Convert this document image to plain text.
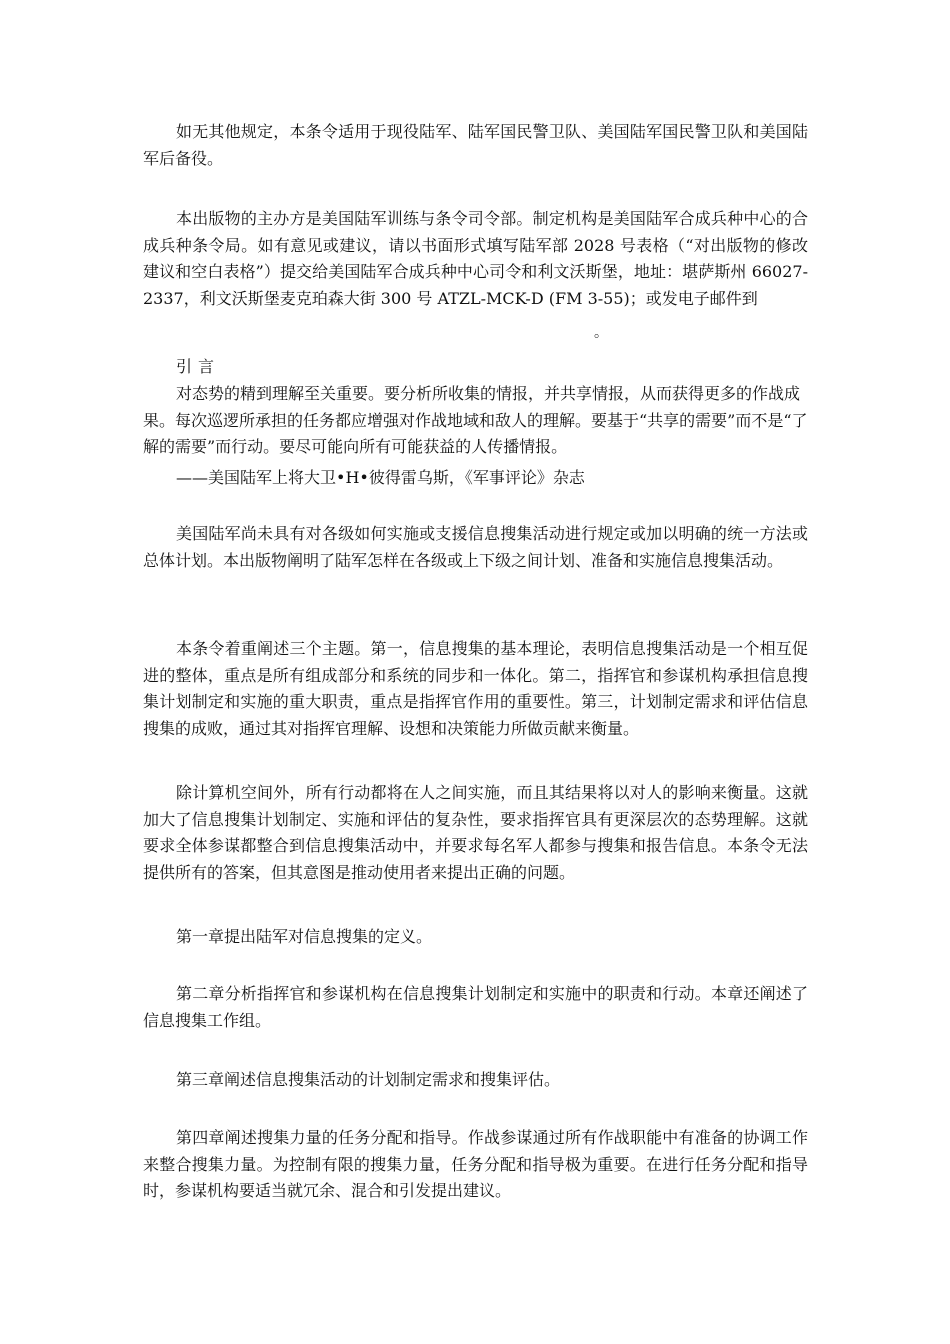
如无其他规定，本条令适用于现役陆军、陆军国民警卫队、美国陆军国民警卫队和美国陆军后备役。

本出版物的主办方是美国陆军训练与条令司令部。制定机构是美国陆军合成兵种中心的合成兵种条令局。如有意见或建议，请以书面形式填写陆军部 2028 号表格（“对出版物的修改建议和空白表格”）提交给美国陆军合成兵种中心司令和利文沃斯堡，地址：堪萨斯州 66027-2337，利文沃斯堡麦克珀森大街 300 号 ATZL-MCK-D (FM 3-55)；或发电子邮件到

。
引言

对态势的精到理解至关重要。要分析所收集的情报，并共享情报，从而获得更多的作战成果。每次巡逻所承担的任务都应增强对作战地域和敌人的理解。要基于“共享的需要”而不是“了解的需要”而行动。要尽可能向所有可能获益的人传播情报。

——美国陆军上将大卫•H•彼得雷乌斯，《军事评论》杂志

美国陆军尚未具有对各级如何实施或支援信息搜集活动进行规定或加以明确的统一方法或总体计划。本出版物阐明了陆军怎样在各级或上下级之间计划、准备和实施信息搜集活动。

本条令着重阐述三个主题。第一，信息搜集的基本理论，表明信息搜集活动是一个相互促进的整体，重点是所有组成部分和系统的同步和一体化。第二，指挥官和参谋机构承担信息搜集计划制定和实施的重大职责，重点是指挥官作用的重要性。第三，计划制定需求和评估信息搜集的成败，通过其对指挥官理解、设想和决策能力所做贡献来衡量。

除计算机空间外，所有行动都将在人之间实施，而且其结果将以对人的影响来衡量。这就加大了信息搜集计划制定、实施和评估的复杂性，要求指挥官具有更深层次的态势理解。这就要求全体参谋都整合到信息搜集活动中，并要求每名军人都参与搜集和报告信息。本条令无法提供所有的答案，但其意图是推动使用者来提出正确的问题。

第一章提出陆军对信息搜集的定义。

第二章分析指挥官和参谋机构在信息搜集计划制定和实施中的职责和行动。本章还阐述了信息搜集工作组。

第三章阐述信息搜集活动的计划制定需求和搜集评估。

第四章阐述搜集力量的任务分配和指导。作战参谋通过所有作战职能中有准备的协调工作来整合搜集力量。为控制有限的搜集力量，任务分配和指导极为重要。在进行任务分配和指导时，参谋机构要适当就冗余、混合和引发提出建议。
